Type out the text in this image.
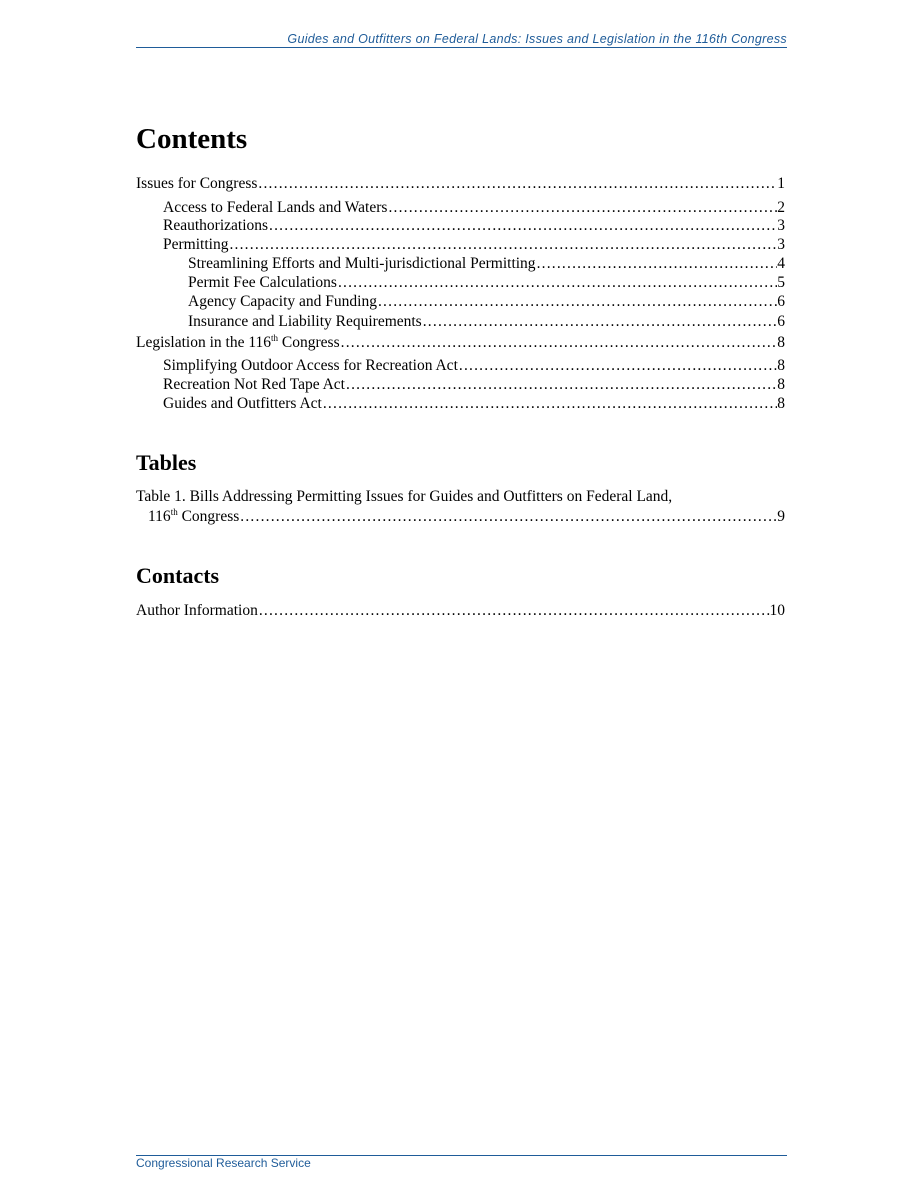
Guides and Outfitters on Federal Lands: Issues and Legislation in the 116th Congress
Contents
Issues for Congress .....	1
Access to Federal Lands and Waters .....	2
Reauthorizations .....	3
Permitting .....	3
Streamlining Efforts and Multi-jurisdictional Permitting .....	4
Permit Fee Calculations .....	5
Agency Capacity and Funding .....	6
Insurance and Liability Requirements .....	6
Legislation in the 116th Congress .....	8
Simplifying Outdoor Access for Recreation Act .....	8
Recreation Not Red Tape Act .....	8
Guides and Outfitters Act .....	8
Tables
Table 1. Bills Addressing Permitting Issues for Guides and Outfitters on Federal Land,
116th Congress .....	9
Contacts
Author Information .....	10
Congressional Research Service
